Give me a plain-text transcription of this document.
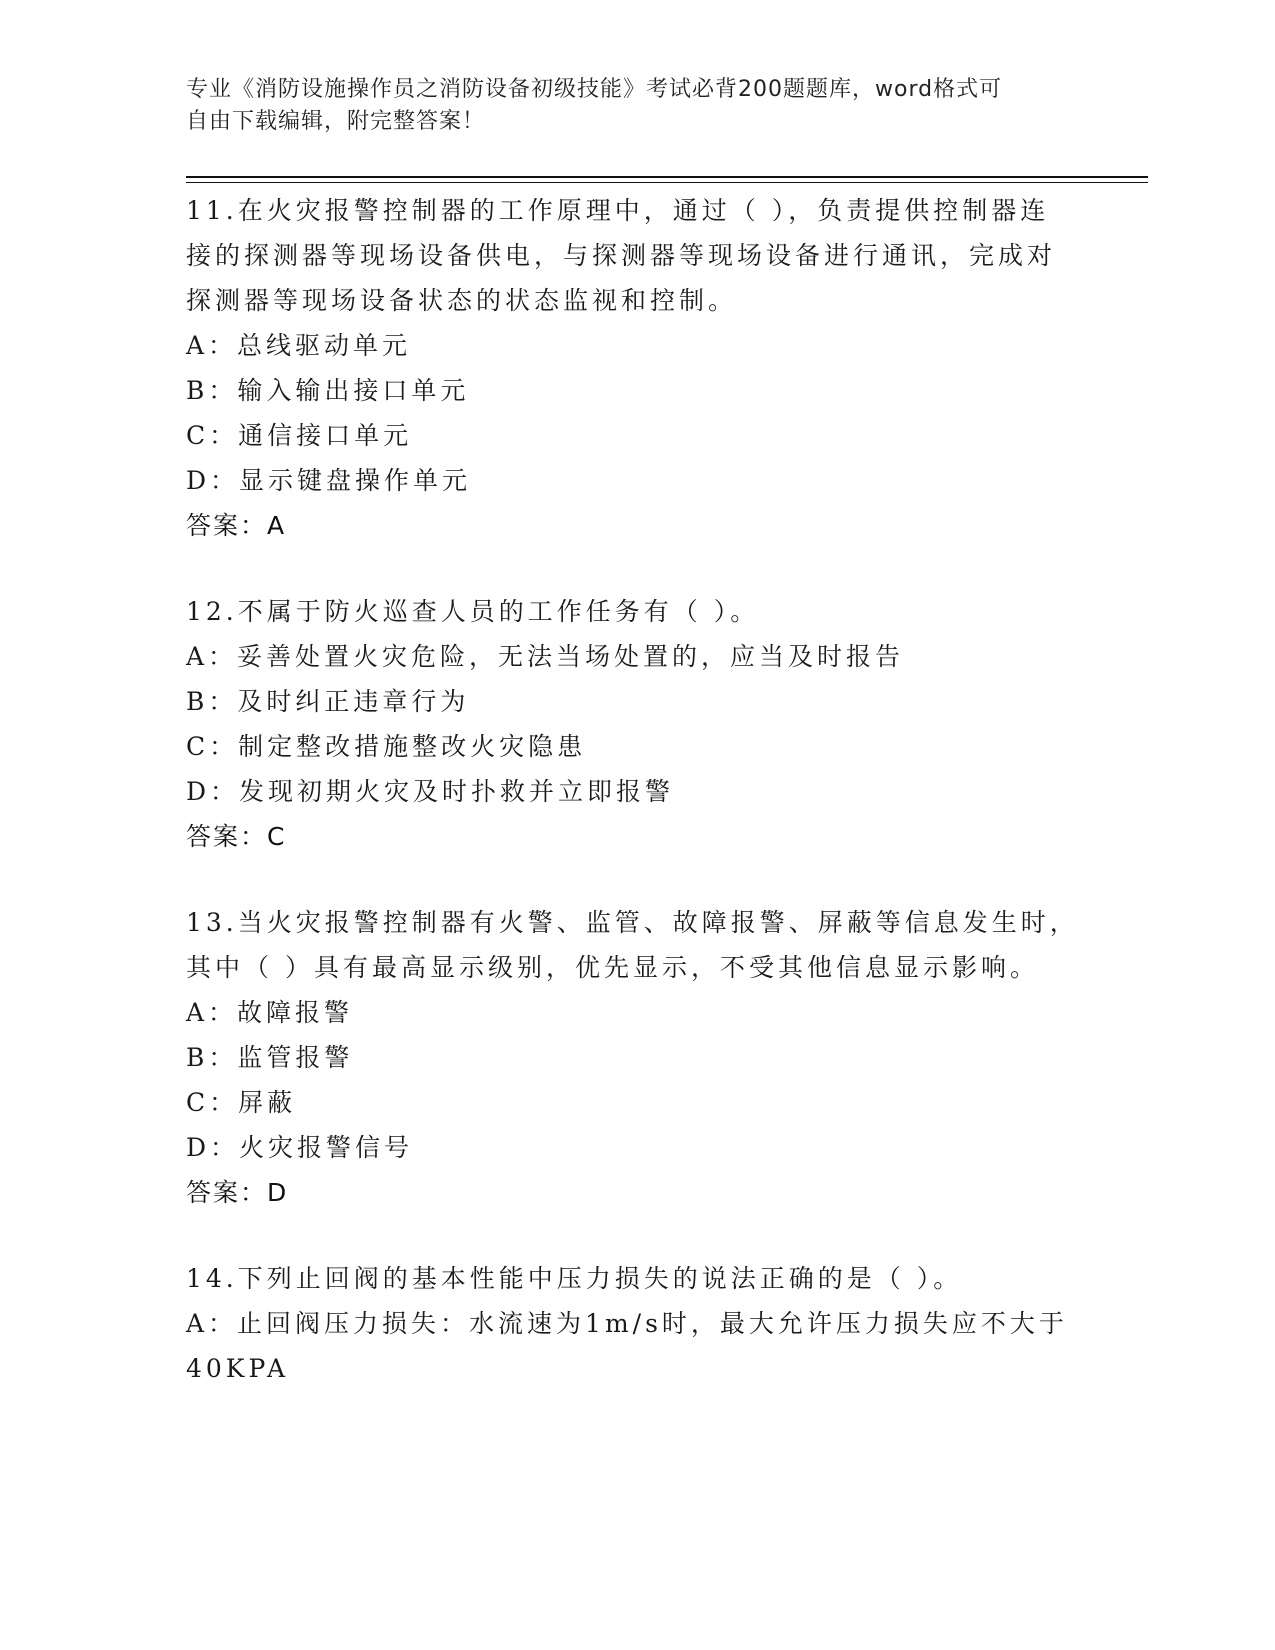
专业《消防设施操作员之消防设备初级技能》考试必背200题题库，word格式可
自由下载编辑，附完整答案！
11.在火灾报警控制器的工作原理中，通过（ ），负责提供控制器连
接的探测器等现场设备供电，与探测器等现场设备进行通讯，完成对
探测器等现场设备状态的状态监视和控制。
A：总线驱动单元
B：输入输出接口单元
C：通信接口单元
D：显示键盘操作单元
答案：A
12.不属于防火巡查人员的工作任务有（ ）。
A：妥善处置火灾危险，无法当场处置的，应当及时报告
B：及时纠正违章行为
C：制定整改措施整改火灾隐患
D：发现初期火灾及时扑救并立即报警
答案：C
13.当火灾报警控制器有火警、监管、故障报警、屏蔽等信息发生时，
其中（ ）具有最高显示级别，优先显示，不受其他信息显示影响。
A：故障报警
B：监管报警
C：屏蔽
D：火灾报警信号
答案：D
14.下列止回阀的基本性能中压力损失的说法正确的是（ ）。
A：止回阀压力损失：水流速为1m/s时，最大允许压力损失应不大于
40KPA
